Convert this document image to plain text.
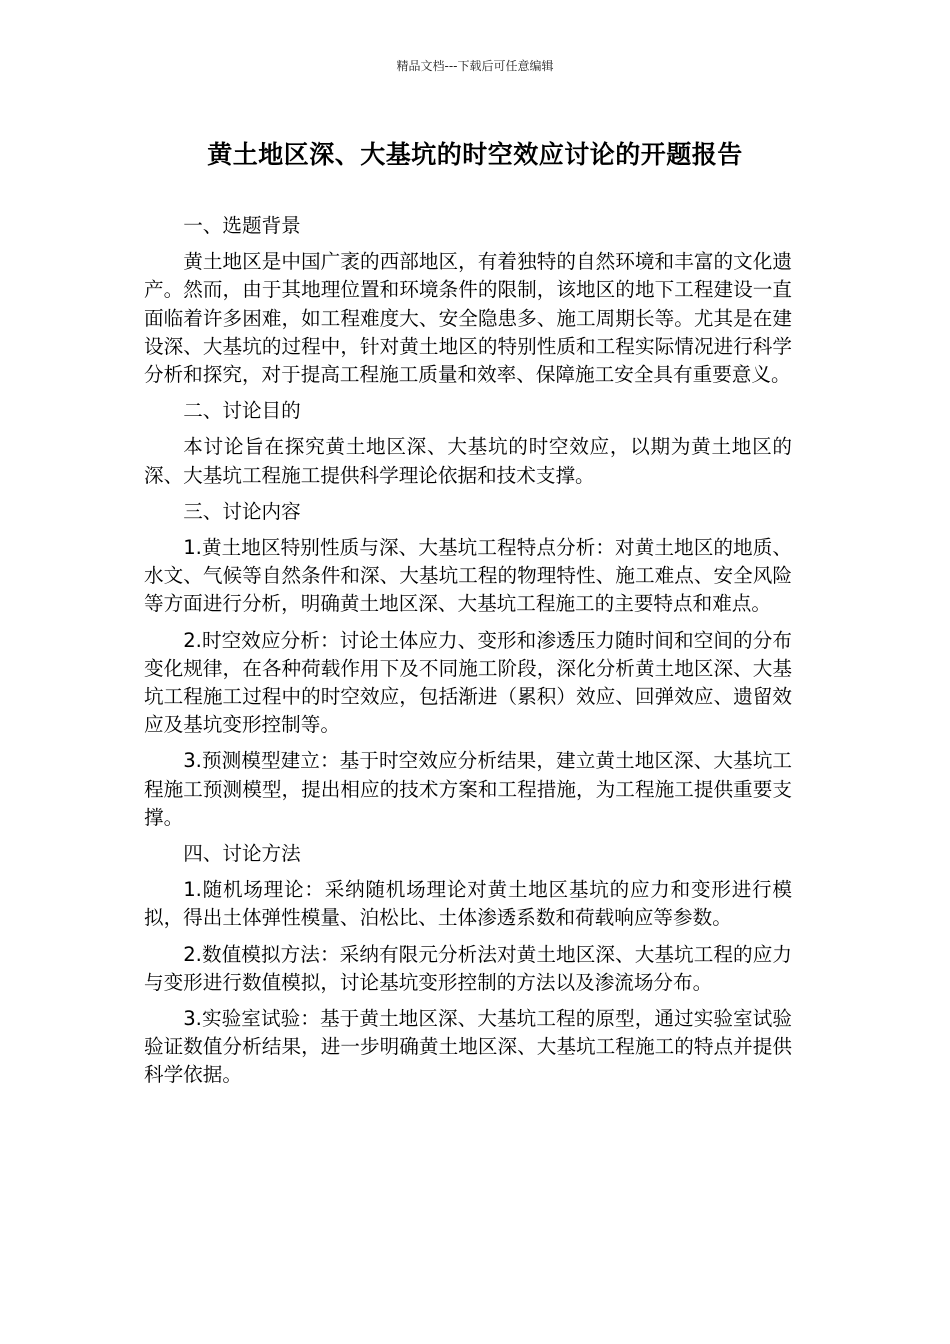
精品文档---下载后可任意编辑
黄土地区深、大基坑的时空效应讨论的开题报告

一、选题背景

黄土地区是中国广袤的西部地区，有着独特的自然环境和丰富的文化遗产。然而，由于其地理位置和环境条件的限制，该地区的地下工程建设一直面临着许多困难，如工程难度大、安全隐患多、施工周期长等。尤其是在建设深、大基坑的过程中，针对黄土地区的特别性质和工程实际情况进行科学分析和探究，对于提高工程施工质量和效率、保障施工安全具有重要意义。

二、讨论目的

本讨论旨在探究黄土地区深、大基坑的时空效应，以期为黄土地区的深、大基坑工程施工提供科学理论依据和技术支撑。

三、讨论内容

1.黄土地区特别性质与深、大基坑工程特点分析：对黄土地区的地质、水文、气候等自然条件和深、大基坑工程的物理特性、施工难点、安全风险等方面进行分析，明确黄土地区深、大基坑工程施工的主要特点和难点。

2.时空效应分析：讨论土体应力、变形和渗透压力随时间和空间的分布变化规律，在各种荷载作用下及不同施工阶段，深化分析黄土地区深、大基坑工程施工过程中的时空效应，包括渐进（累积）效应、回弹效应、遗留效应及基坑变形控制等。

3.预测模型建立：基于时空效应分析结果，建立黄土地区深、大基坑工程施工预测模型，提出相应的技术方案和工程措施，为工程施工提供重要支撑。

四、讨论方法

1.随机场理论：采纳随机场理论对黄土地区基坑的应力和变形进行模拟，得出土体弹性模量、泊松比、土体渗透系数和荷载响应等参数。

2.数值模拟方法：采纳有限元分析法对黄土地区深、大基坑工程的应力与变形进行数值模拟，讨论基坑变形控制的方法以及渗流场分布。

3.实验室试验：基于黄土地区深、大基坑工程的原型，通过实验室试验验证数值分析结果，进一步明确黄土地区深、大基坑工程施工的特点并提供科学依据。
